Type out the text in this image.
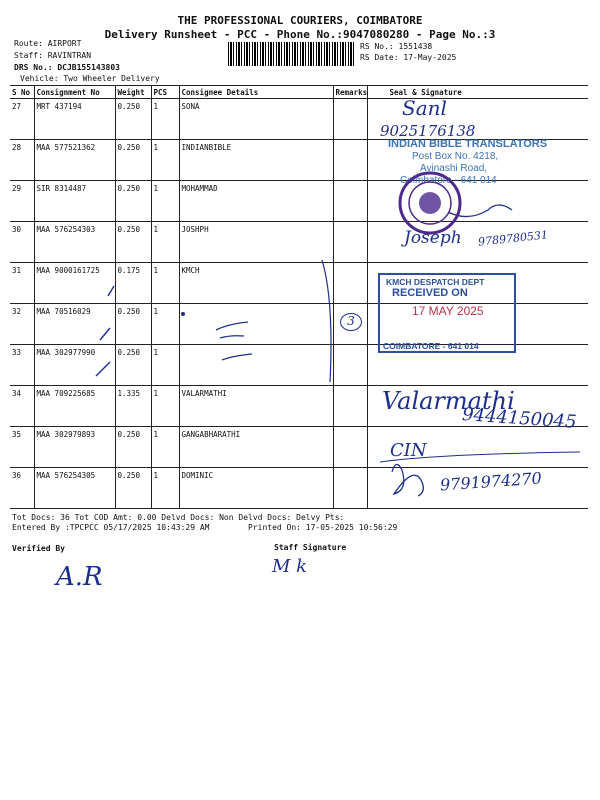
THE PROFESSIONAL COURIERS, COIMBATORE
Delivery Runsheet - PCC - Phone No.:9047080280 - Page No.:3
Route: AIRPORT
Staff: RAVINTRAN
DRS No.: DCJB155143803
Vehicle: Two Wheeler Delivery
RS No.: 1551438
RS Date: 17-May-2025
S No	Consignment No	Weight	PCS	Consignee Details	Remarks	Seal & Signature
27	MRT 437194	0.250	1	SONA		
28	MAA 577521362	0.250	1	INDIANBIBLE		
29	SIR 8314487	0.250	1	MOHAMMAD		
30	MAA 576254303	0.250	1	JOSHPH		
31	MAA 9000161725	0.175	1	KMCH		
32	MAA 70516029	0.250	1			
33	MAA 302977990	0.250	1			
34	MAA 709225685	1.335	1	VALARMATHI		
35	MAA 302979893	0.250	1	GANGABHARATHI		
36	MAA 576254305	0.250	1	DOMINIC		
Sanl
9025176138
Joseph 9789780531
3
Valarmathi
9444150045
CIN
9791974270
INDIAN BIBLE TRANSLATORS
Post Box No. 4218,
Avinashi Road,
Coimbatore - 641 014
KMCH DESPATCH DEPT
RECEIVED ON
17 MAY 2025
COIMBATORE - 641 014
Tot Docs: 36 Tot COD Amt: 0.00 Delvd Docs: Non Delvd Docs: Delvy Pts:
Entered By :TPCPCC 05/17/2025 10:43:29 AM	Printed On: 17-05-2025 10:56:29
Verified By	Staff Signature
A.R	M k
